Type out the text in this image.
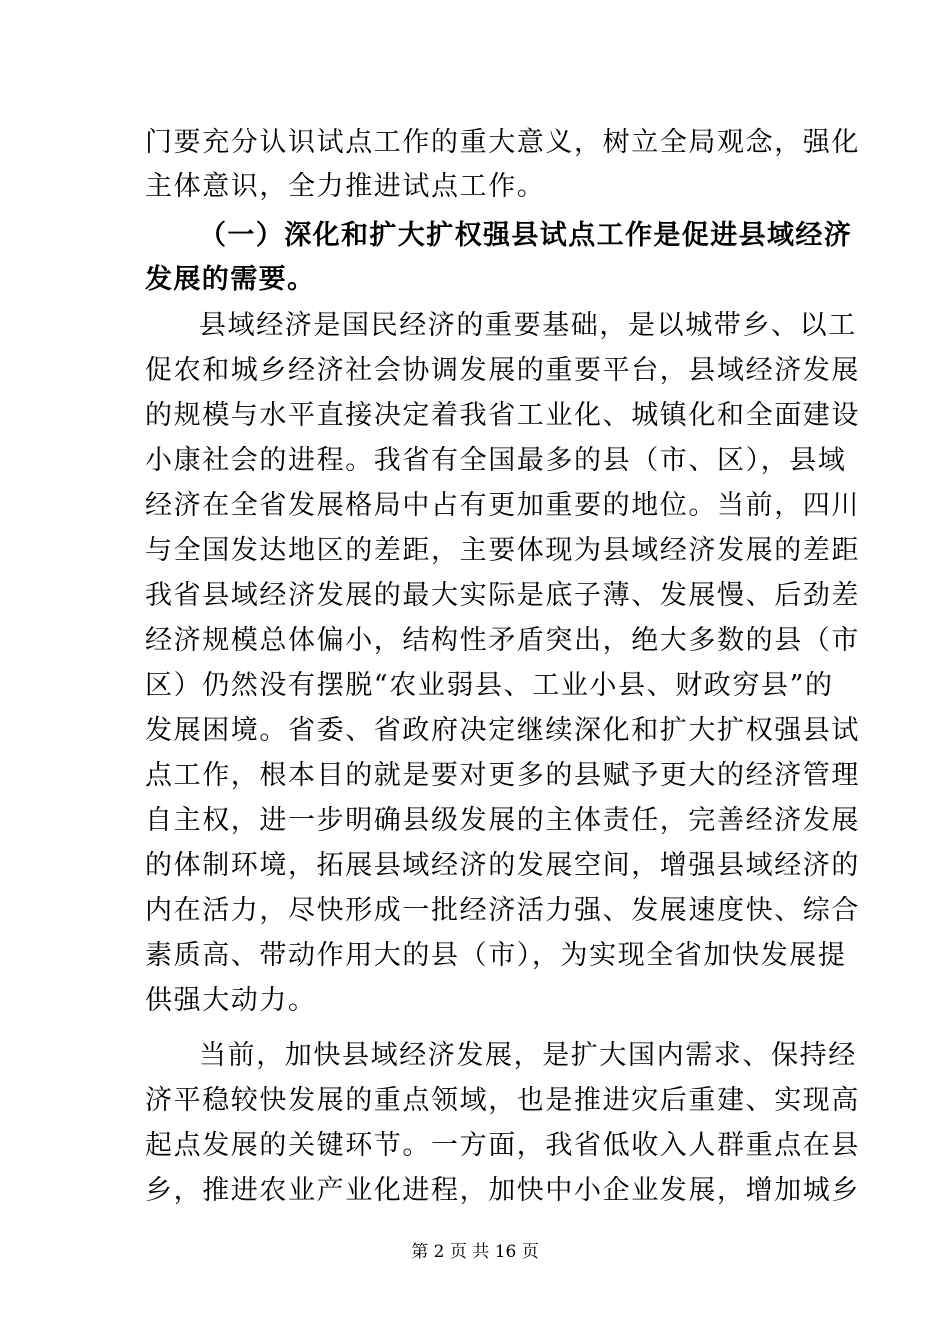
门要充分认识试点工作的重大意义，树立全局观念，强化
主体意识，全力推进试点工作。
（一）深化和扩大扩权强县试点工作是促进县域经济
发展的需要。
县域经济是国民经济的重要基础，是以城带乡、以工
促农和城乡经济社会协调发展的重要平台，县域经济发展
的规模与水平直接决定着我省工业化、城镇化和全面建设
小康社会的进程。我省有全国最多的县（市、区），县域
经济在全省发展格局中占有更加重要的地位。当前，四川
与全国发达地区的差距，主要体现为县域经济发展的差距
我省县域经济发展的最大实际是底子薄、发展慢、后劲差
经济规模总体偏小，结构性矛盾突出，绝大多数的县（市
区）仍然没有摆脱“农业弱县、工业小县、财政穷县”的
发展困境。省委、省政府决定继续深化和扩大扩权强县试
点工作，根本目的就是要对更多的县赋予更大的经济管理
自主权，进一步明确县级发展的主体责任，完善经济发展
的体制环境，拓展县域经济的发展空间，增强县域经济的
内在活力，尽快形成一批经济活力强、发展速度快、综合
素质高、带动作用大的县（市），为实现全省加快发展提
供强大动力。
当前，加快县域经济发展，是扩大国内需求、保持经
济平稳较快发展的重点领域，也是推进灾后重建、实现高
起点发展的关键环节。一方面，我省低收入人群重点在县
乡，推进农业产业化进程，加快中小企业发展，增加城乡
第 2 页 共 16 页
